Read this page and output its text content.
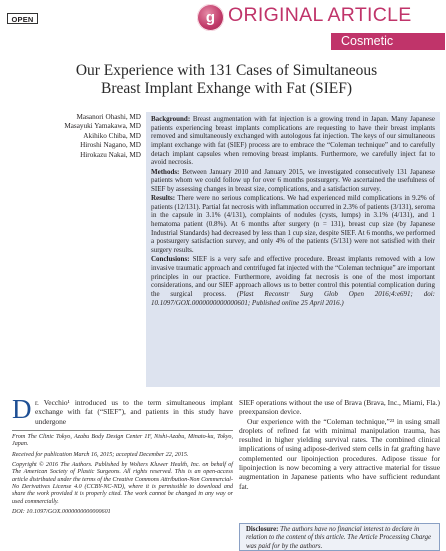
OPEN	g ORIGINAL ARTICLE
Cosmetic
Our Experience with 131 Cases of Simultaneous
Breast Implant Exhange with Fat (SIEF)
Masanori Ohashi, MD
Masayuki Yamakawa, MD
Akihiko Chiba, MD
Hiroshi Nagano, MD
Hirokazu Nakai, MD

Background: Breast augmentation with fat injection is a growing trend in Japan. Many Japanese patients experiencing breast implants complications are requesting to have their breast implants removed and simultaneously exchanged with autologous fat injection. The keys of our simultaneous implant exchange with fat (SIEF) process are to embrace the “Coleman technique” and to carefully detach implant capsules when removing breast implants. Furthermore, we carefully inject fat to avoid necrosis.

Methods: Between January 2010 and January 2015, we investigated consecutively 131 Japanese patients whom we could follow up for over 6 months postsurgery. We ascertained the usefulness of SIEF by assessing changes in breast size, complications, and a satisfaction survey.

Results: There were no serious complications. We had experienced mild complications in 9.2% of patients (12/131). Partial fat necrosis with inflammation occurred in 2.3% of patients (3/131), seroma in the capsule in 3.1% (4/131), complaints of nodules (cysts, lumps) in 3.1% (4/131), and 1 hematoma patient (0.8%). At 6 months after surgery (n = 131), breast cup size (by Japanese Industrial Standards) had decreased by less than 1 cup size, despite SIEF. At 6 months, we performed a postsurgery satisfaction survey, and only 4% of the patients (5/131) were not satisfied with their surgery results.

Conclusions: SIEF is a very safe and effective procedure. Breast implants removed with a low invasive traumatic approach and centrifuged fat injected with the “Coleman technique” are important principles in our practice. Furthermore, avoiding fat necrosis is one of the most important considerations, and our SIEF approach allows us to better control this potential complication during the surgical process. (Plast Reconstr Surg Glob Open 2016;4:e691; doi: 10.1097/GOX.0000000000000601; Published online 25 April 2016.)

D r. Vecchio¹ introduced us to the term simultaneous implant exchange with fat (“SIEF”), and patients in this study have undergone

From The Clinic Tokyo, Azabu Body Design Center 1F, Nishi-Azabu, Minato-ku, Tokyo, Japan.

Received for publication March 16, 2015; accepted December 22, 2015.

Copyright © 2016 The Authors. Published by Wolters Kluwer Health, Inc. on behalf of The American Society of Plastic Surgeons. All rights reserved. This is an open-access article distributed under the terms of the Creative Commons Attribution-Non Commercial-No Derivatives License 4.0 (CCBY-NC-ND), where it is permissible to download and share the work provided it is properly cited. The work cannot be changed in any way or used commercially.

DOI: 10.1097/GOX.0000000000000601

SIEF operations without the use of Brava (Brava, Inc., Miami, Fla.) preexpansion device.

Our experience with the “Coleman technique,”²³ in using small droplets of refined fat with minimal manipulation trauma, has resulted in higher yielding survival rates. The combined clinical implications of using adipose-derived stem cells in fat grafting have complemented our lipoinjection procedures. Adipose tissue for lipoinjection is now becoming a very attractive material for tissue augmentation in Japanese patients who have sufficient redundant fat.

Disclosure: The authors have no financial interest to declare in relation to the content of this article. The Article Processing Charge was paid for by the authors.
